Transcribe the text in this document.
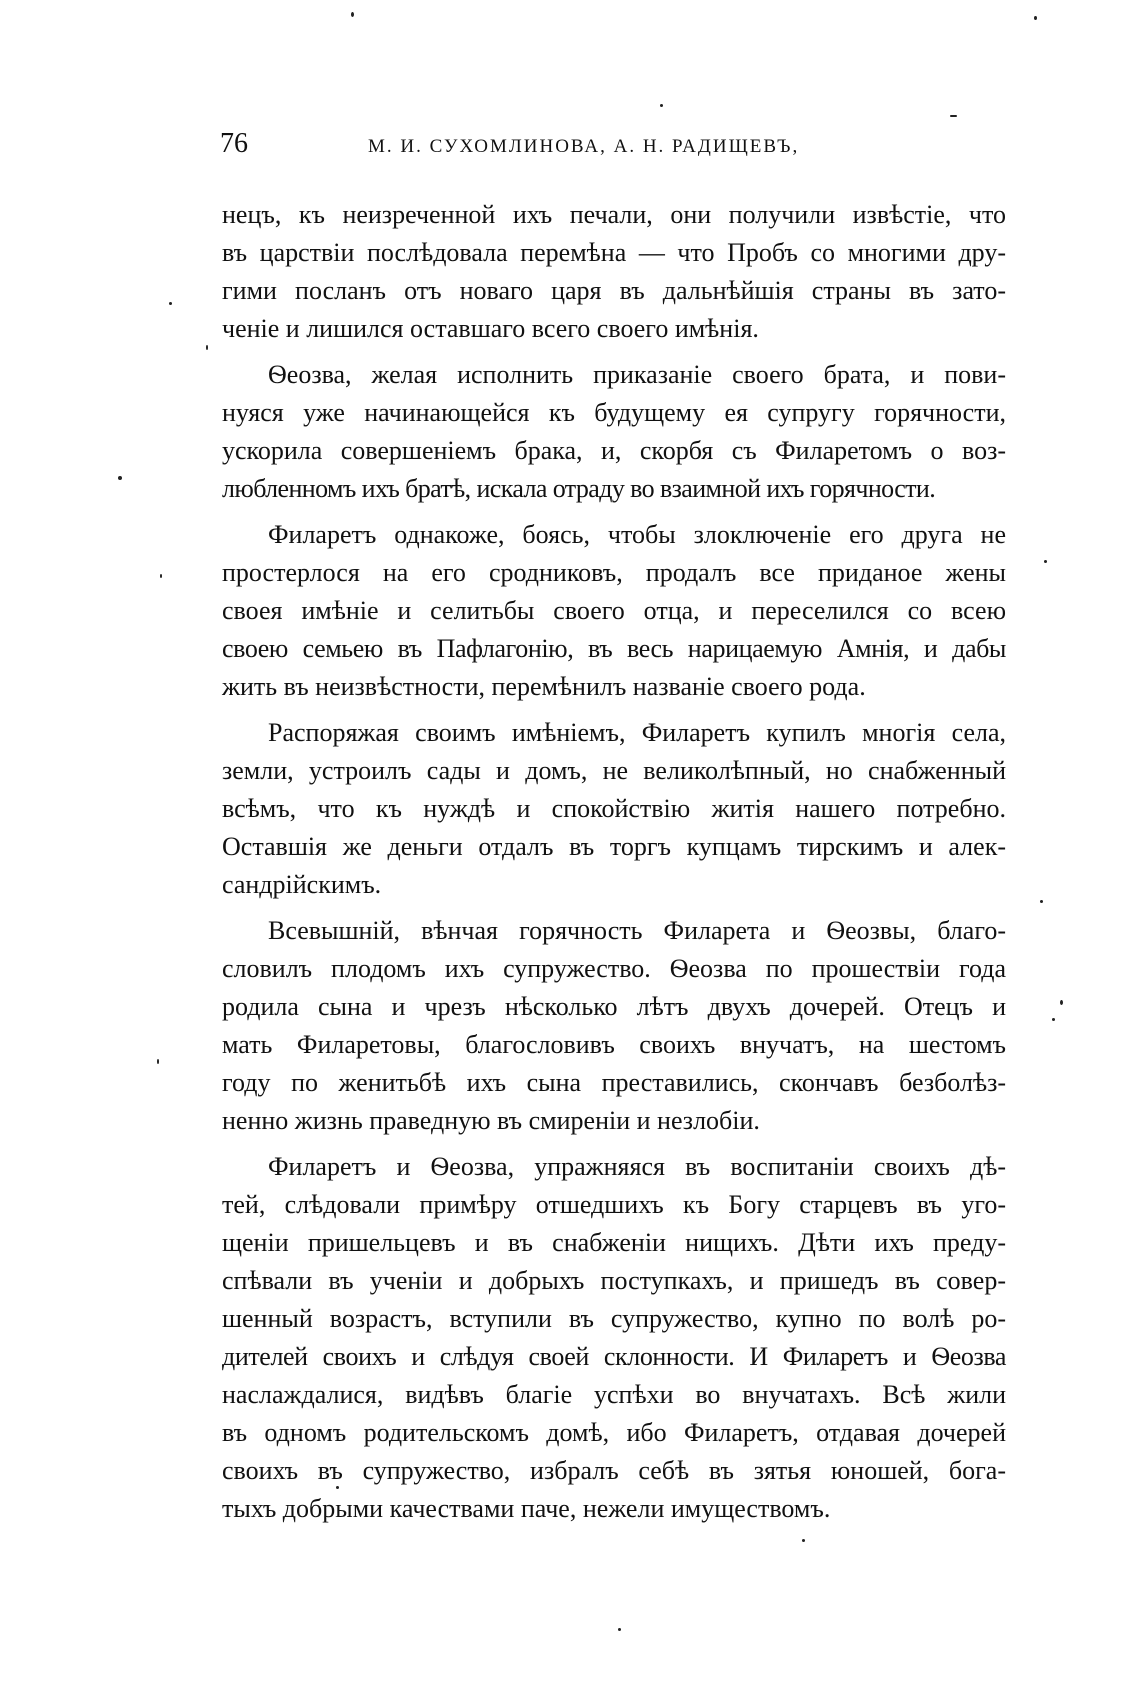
76	М. И. СУХОМЛИНОВА, А. Н. РАДИЩЕВЪ,
нецъ, къ неизреченной ихъ печали, они получили извѣстіе, что
въ царствіи послѣдовала перемѣна — что Пробъ со многими дру-
гими посланъ отъ новаго царя въ дальнѣйшія страны въ зато-
ченіе и лишился оставшаго всего своего имѣнія.
Ѳеозва, желая исполнить приказаніе своего брата, и пови-
нуяся уже начинающейся къ будущему ея супругу горячности,
ускорила совершеніемъ брака, и, скорбя съ Филаретомъ о воз-
любленномъ ихъ братѣ, искала отраду во взаимной ихъ горячности.
Филаретъ однакоже, боясь, чтобы злоключеніе его друга не
простерлося на его сродниковъ, продалъ все приданое жены
своея имѣніе и селитьбы своего отца, и переселился со всею
своею семьею въ Пафлагонію, въ весь нарицаемую Амнія, и дабы
жить въ неизвѣстности, перемѣнилъ названіе своего рода.
Распоряжая своимъ имѣніемъ, Филаретъ купилъ многія села,
земли, устроилъ сады и домъ, не великолѣпный, но снабженный
всѣмъ, что къ нуждѣ и спокойствію житія нашего потребно.
Оставшія же деньги отдалъ въ торгъ купцамъ тирскимъ и алек-
сандрійскимъ.
Всевышній, вѣнчая горячность Филарета и Ѳеозвы, благо-
словилъ плодомъ ихъ супружество. Ѳеозва по прошествіи года
родила сына и чрезъ нѣсколько лѣтъ двухъ дочерей. Отецъ и
мать Филаретовы, благословивъ своихъ внучатъ, на шестомъ
году по женитьбѣ ихъ сына преставились, скончавъ безболѣз-
ненно жизнь праведную въ смиреніи и незлобіи.
Филаретъ и Ѳеозва, упражняяся въ воспитаніи своихъ дѣ-
тей, слѣдовали примѣру отшедшихъ къ Богу старцевъ въ уго-
щеніи пришельцевъ и въ снабженіи нищихъ. Дѣти ихъ преду-
спѣвали въ ученіи и добрыхъ поступкахъ, и пришедъ въ совер-
шенный возрастъ, вступили въ супружество, купно по волѣ ро-
дителей своихъ и слѣдуя своей склонности. И Филаретъ и Ѳеозва
наслаждалися, видѣвъ благіе успѣхи во внучатахъ. Всѣ жили
въ одномъ родительскомъ домѣ, ибо Филаретъ, отдавая дочерей
своихъ въ супружество, избралъ себѣ въ зятья юношей, бога-
тыхъ добрыми качествами паче, нежели имуществомъ.
